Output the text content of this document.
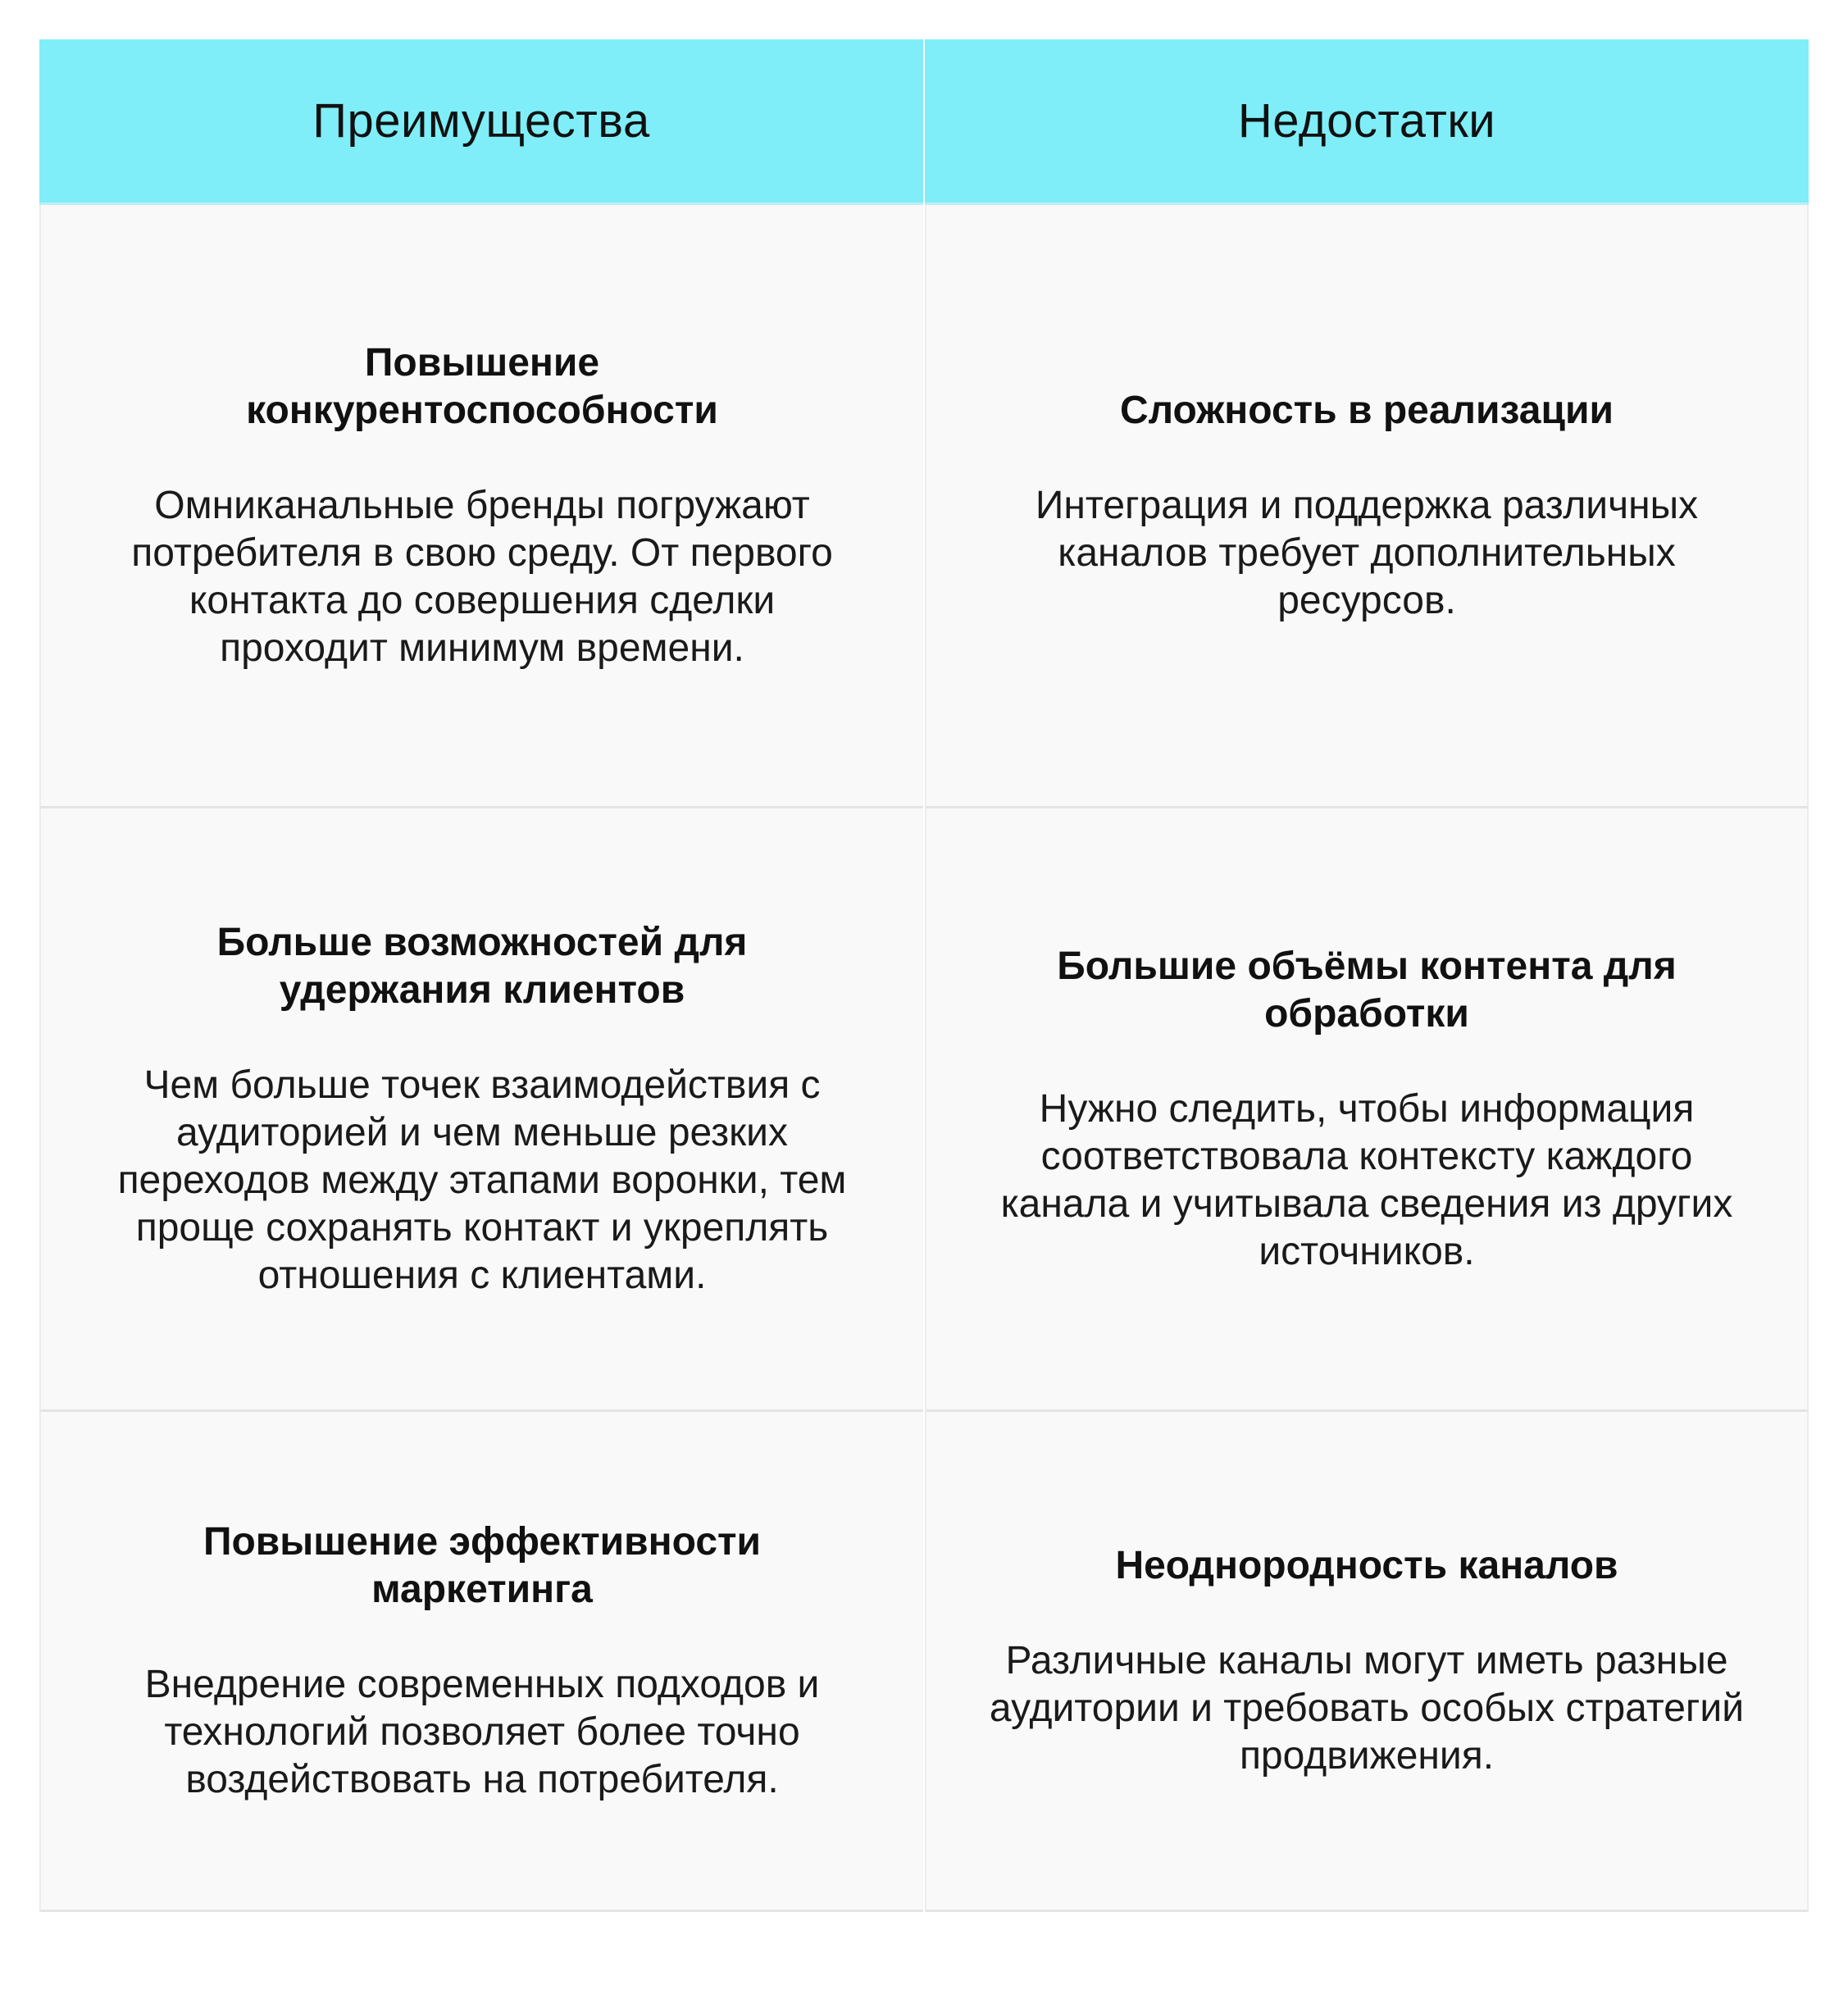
Преимущества	Недостатки
Повышение конкурентоспособности
Омниканальные бренды погружают потребителя в свою среду. От первого контакта до совершения сделки проходит минимум времени.
Сложность в реализации
Интеграция и поддержка различных каналов требует дополнительных ресурсов.
Больше возможностей для удержания клиентов
Чем больше точек взаимодействия с аудиторией и чем меньше резких переходов между этапами воронки, тем проще сохранять контакт и укреплять отношения с клиентами.
Большие объёмы контента для обработки
Нужно следить, чтобы информация соответствовала контексту каждого канала и учитывала сведения из других источников.
Повышение эффективности маркетинга
Внедрение современных подходов и технологий позволяет более точно воздействовать на потребителя.
Неоднородность каналов
Различные каналы могут иметь разные аудитории и требовать особых стратегий продвижения.
